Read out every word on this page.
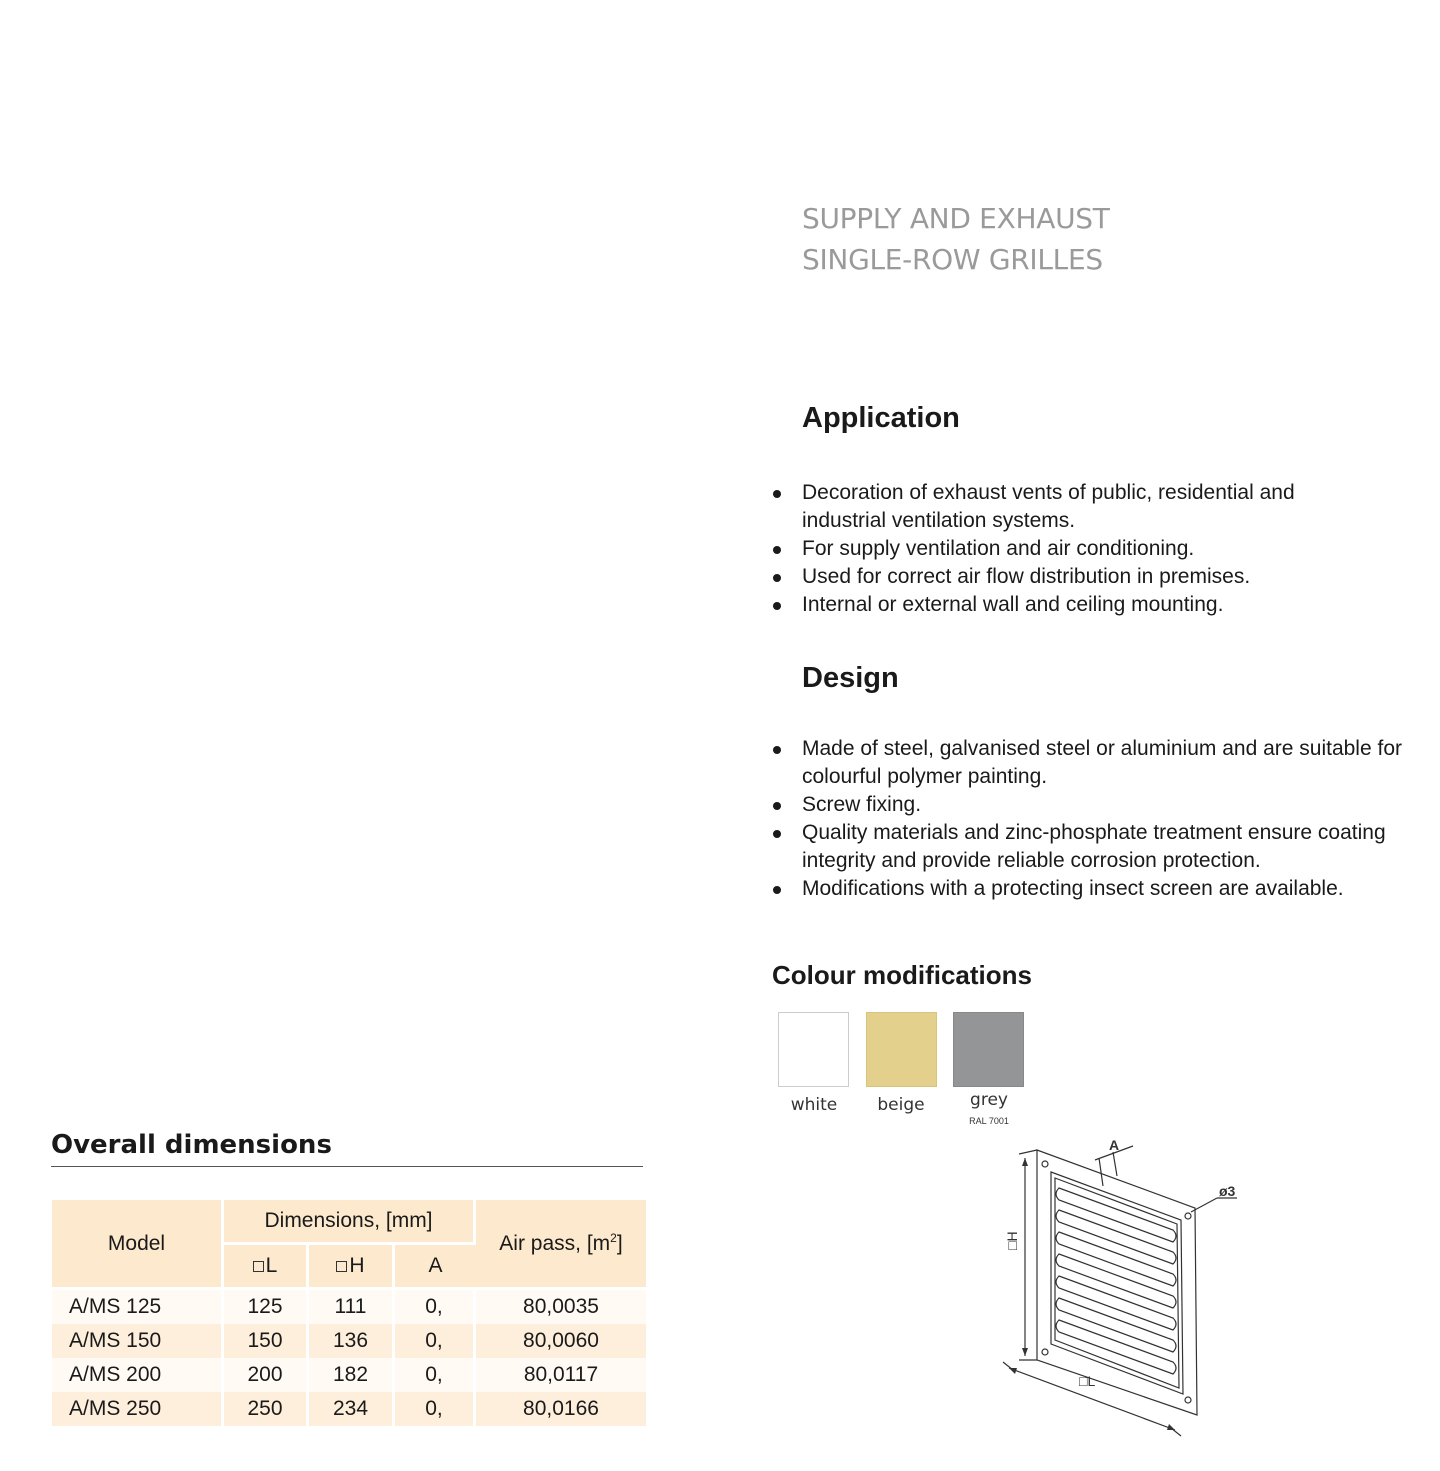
SUPPLY AND EXHAUST
SINGLE-ROW GRILLES
Application
Decoration of exhaust vents of public, residential and industrial ventilation systems.
For supply ventilation and air conditioning.
Used for correct air flow distribution in premises.
Internal or external wall and ceiling mounting.
Design
Made of steel, galvanised steel or aluminium and are suitable for colourful polymer painting.
Screw fixing.
Quality materials and zinc-phosphate treatment ensure coating integrity and provide reliable corrosion protection.
Modifications with a protecting insect screen are available.
Colour modifications
white	beige	grey
RAL 7001
Overall dimensions
Model	Dimensions, [mm]			Air pass, $[m^2]$
	L	H	A	
A/MS 125	125	111	0,	80,0035
A/MS 150	150	136	0,	80,0060
A/MS 200	200	182	0,	80,0117
A/MS 250	250	234	0,	80,0166
A
ø3
□H
□L
